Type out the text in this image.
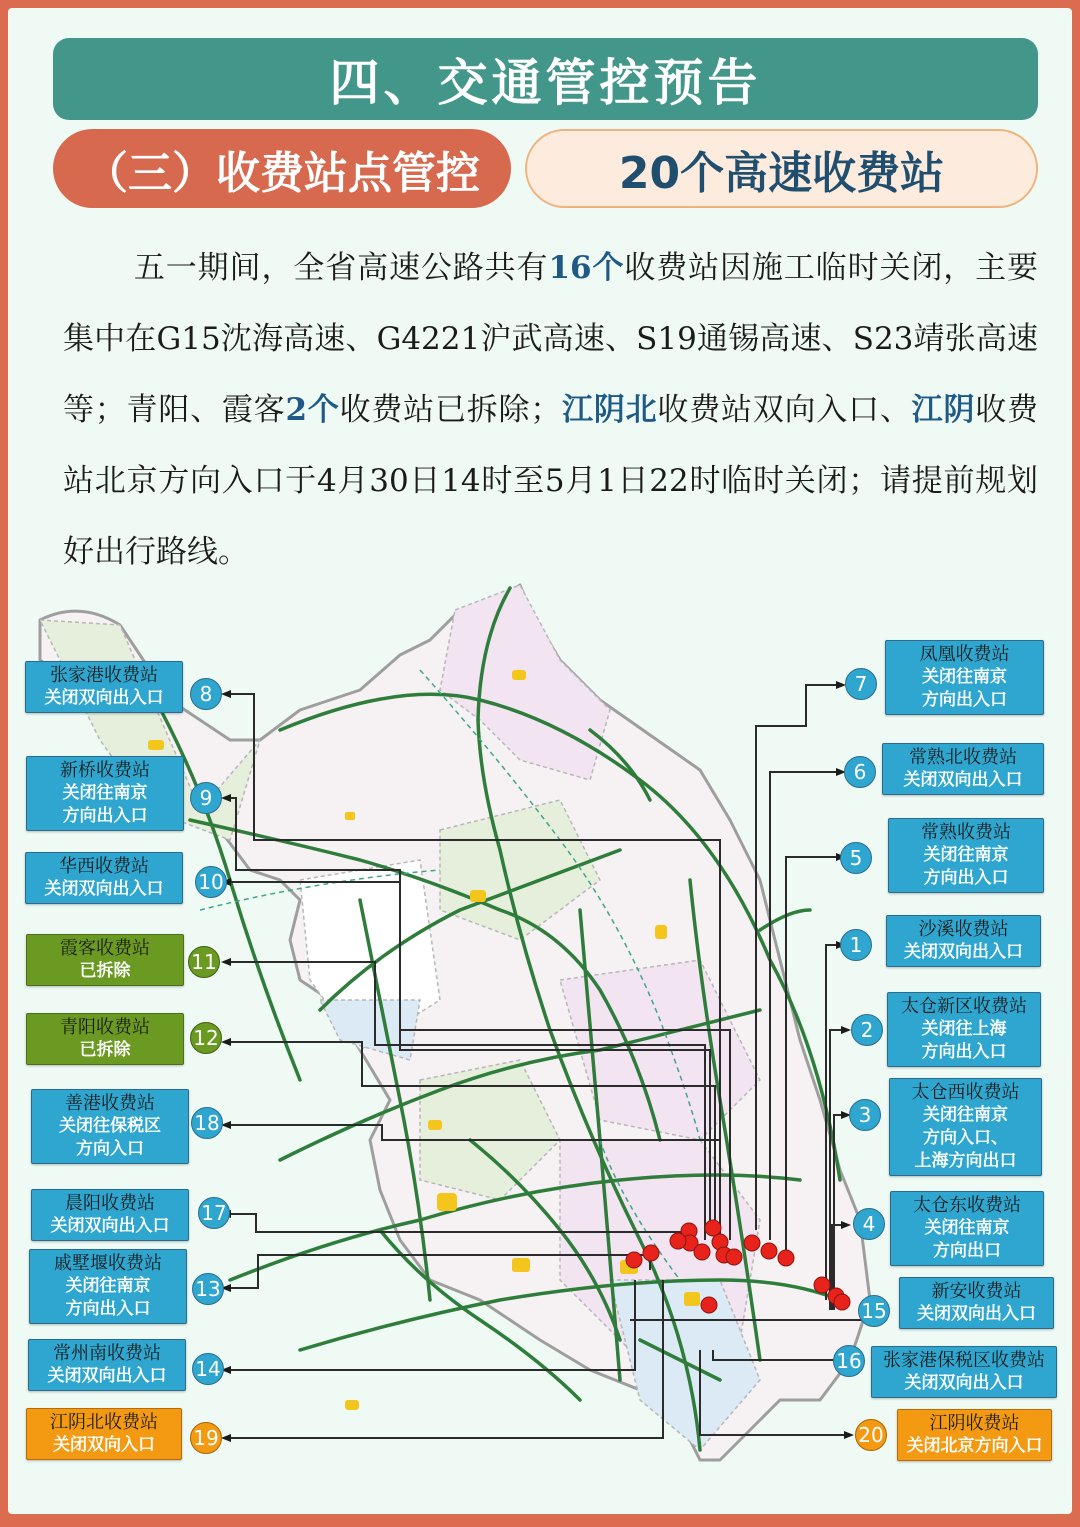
四、交通管控预告
（三）收费站点管控	20个高速收费站
五一期间，全省高速公路共有16个收费站因施工临时关闭，主要集中在G15沈海高速、G4221沪武高速、S19通锡高速、S23靖张高速等；青阳、霞客2个收费站已拆除；江阴北收费站双向入口、江阴收费站北京方向入口于4月30日14时至5月1日22时临时关闭；请提前规划好出行路线。
张家港收费站
关闭双向出入口	8
新桥收费站
关闭往南京
方向出入口
9
华西收费站
关闭双向出入口	10
霞客收费站
已拆除	11
青阳收费站
已拆除	12
善港收费站
关闭往保税区
方向入口
18
晨阳收费站
关闭双向出入口
17
戚墅堰收费站
关闭往南京
方向出入口
13
常州南收费站
关闭双向出入口	14
江阴北收费站
关闭双向入口	19
7
凤凰收费站
关闭往南京
方向出入口
6
常熟北收费站
关闭双向出入口
5
常熟收费站
关闭往南京
方向出入口
1
沙溪收费站
关闭双向出入口
2
太仓新区收费站
关闭往上海
方向出入口
3
太仓西收费站
关闭往南京
方向入口、
上海方向出口
4
太仓东收费站
关闭往南京
方向出口
15
新安收费站
关闭双向出入口
16	张家港保税区收费站
关闭双向出入口
20	江阴收费站
关闭北京方向入口
